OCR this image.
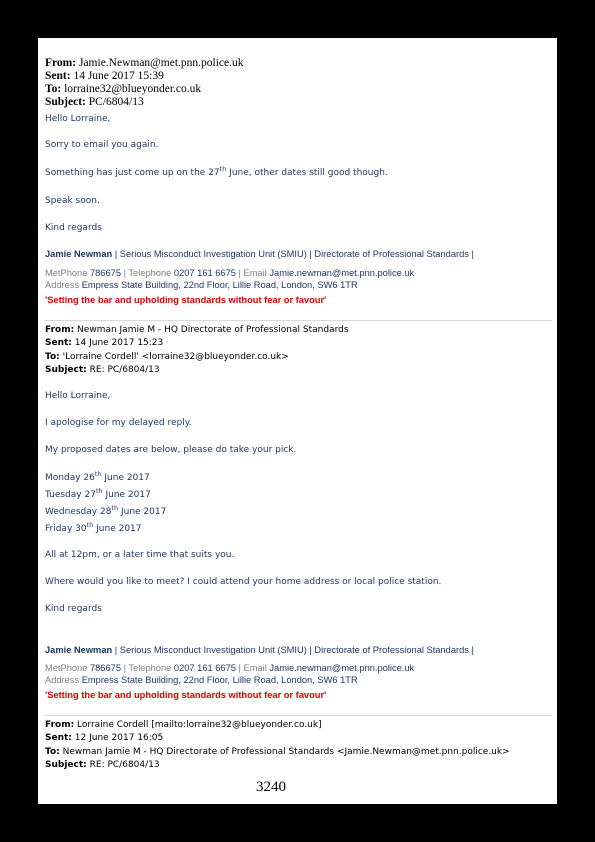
From: Jamie.Newman@met.pnn.police.uk
Sent: 14 June 2017 15:39
To: lorraine32@blueyonder.co.uk
Subject: PC/6804/13
Hello Lorraine,
Sorry to email you again.
Something has just come up on the 27th June, other dates still good though.
Speak soon.
Kind regards
Jamie Newman | Serious Misconduct Investigation Unit (SMIU) | Directorate of Professional Standards |
MetPhone 786675 | Telephone 0207 161 6675 | Email Jamie.newman@met.pnn.police.uk
Address Empress State Building, 22nd Floor, Lillie Road, London, SW6 1TR
'Setting the bar and upholding standards without fear or favour'
From: Newman Jamie M - HQ Directorate of Professional Standards
Sent: 14 June 2017 15:23
To: 'Lorraine Cordell' <lorraine32@blueyonder.co.uk>
Subject: RE: PC/6804/13
Hello Lorraine,
I apologise for my delayed reply.
My proposed dates are below, please do take your pick.
Monday 26th June 2017
Tuesday 27th June 2017
Wednesday 28th June 2017
Friday 30th June 2017
All at 12pm, or a later time that suits you.
Where would you like to meet? I could attend your home address or local police station.
Kind regards
Jamie Newman | Serious Misconduct Investigation Unit (SMIU) | Directorate of Professional Standards |
MetPhone 786675 | Telephone 0207 161 6675 | Email Jamie.newman@met.pnn.police.uk
Address Empress State Building, 22nd Floor, Lillie Road, London, SW6 1TR
'Setting the bar and upholding standards without fear or favour'
From: Lorraine Cordell [mailto:lorraine32@blueyonder.co.uk]
Sent: 12 June 2017 16:05
To: Newman Jamie M - HQ Directorate of Professional Standards <Jamie.Newman@met.pnn.police.uk>
Subject: RE: PC/6804/13
3240
